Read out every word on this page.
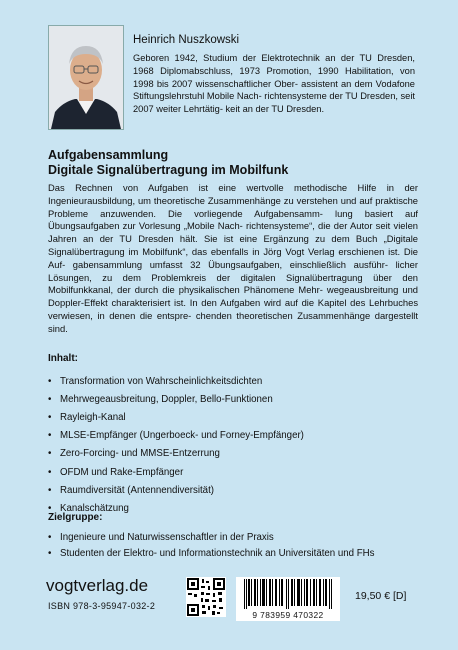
Heinrich Nuszkowski

Geboren 1942, Studium der Elektrotechnik an der TU Dresden, 1968 Diplomabschluss, 1973 Promotion, 1990 Habilitation, von 1998 bis 2007 wissenschaftlicher Ober- assistent an dem Vodafone Stiftungslehrstuhl Mobile Nach- richtensysteme der TU Dresden, seit 2007 weiter Lehrtätig- keit an der TU Dresden.

Aufgabensammlung
Digitale Signalübertragung im Mobilfunk

Das Rechnen von Aufgaben ist eine wertvolle methodische Hilfe in der Ingenieurausbildung, um theoretische Zusammenhänge zu verstehen und auf praktische Probleme anzuwenden. Die vorliegende Aufgabensamm- lung basiert auf Übungsaufgaben zur Vorlesung „Mobile Nach- richtensysteme“, die der Autor seit vielen Jahren an der TU Dresden hält. Sie ist eine Ergänzung zu dem Buch „Digitale Signalübertragung im Mobilfunk“, das ebenfalls in Jörg Vogt Verlag erschienen ist. Die Auf- gabensammlung umfasst 32 Übungsaufgaben, einschließlich ausführ- licher Lösungen, zu dem Problemkreis der digitalen Signalübertragung über den Mobilfunkkanal, der durch die physikalischen Phänomene Mehr- wegeausbreitung und Doppler-Effekt charakterisiert ist. In den Aufgaben wird auf die Kapitel des Lehrbuches verwiesen, in denen die entspre- chenden theoretischen Zusammenhänge dargestellt sind.

Inhalt:
• Transformation von Wahrscheinlichkeitsdichten
• Mehrwegeausbreitung, Doppler, Bello-Funktionen
• Rayleigh-Kanal
• MLSE-Empfänger (Ungerboeck- und Forney-Empfänger)
• Zero-Forcing- und MMSE-Entzerrung
• OFDM und Rake-Empfänger
• Raumdiversität (Antennendiversität)
• Kanalschätzung
Zielgruppe:
• Ingenieure und Naturwissenschaftler in der Praxis
• Studenten der Elektro- und Informationstechnik an Universitäten und FHs
vogtverlag.de
ISBN 978-3-95947-032-2
9 783959 470322
19,50 € [D]
